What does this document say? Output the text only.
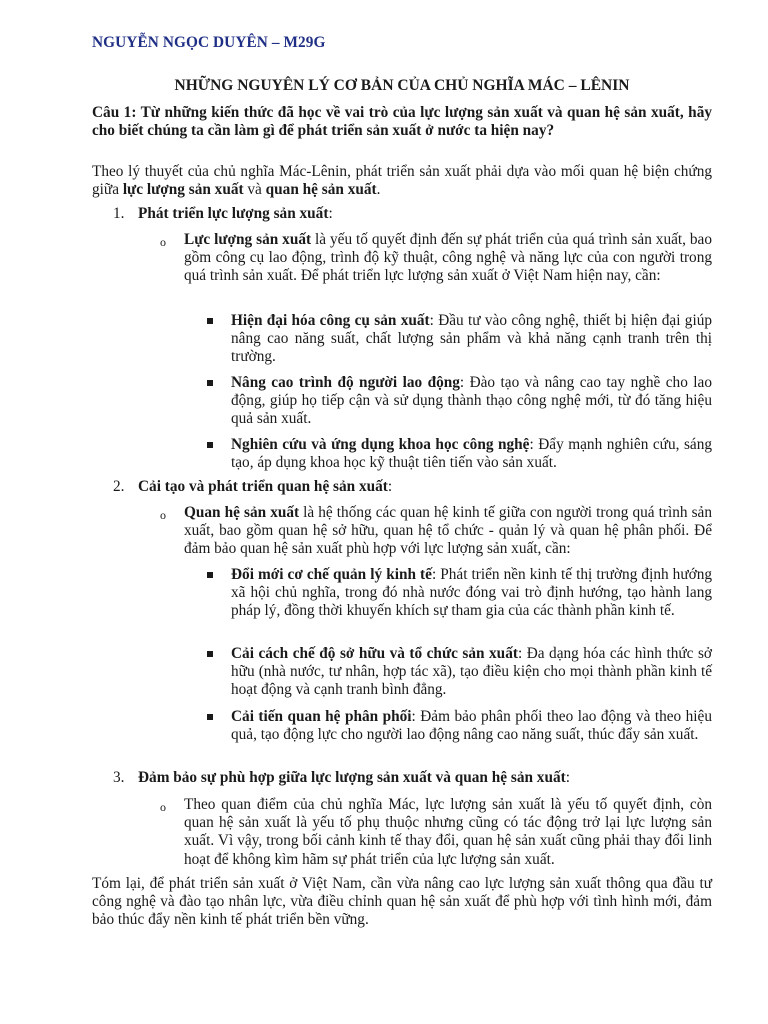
NGUYỄN NGỌC DUYÊN – M29G
NHỮNG NGUYÊN LÝ CƠ BẢN CỦA CHỦ NGHĨA MÁC – LÊNIN
Câu 1: Từ những kiến thức đã học về vai trò của lực lượng sản xuất và quan hệ sản xuất, hãy cho biết chúng ta cần làm gì để phát triển sản xuất ở nước ta hiện nay?
Theo lý thuyết của chủ nghĩa Mác-Lênin, phát triển sản xuất phải dựa vào mối quan hệ biện chứng giữa lực lượng sản xuất và quan hệ sản xuất.
1. Phát triển lực lượng sản xuất:
o Lực lượng sản xuất là yếu tố quyết định đến sự phát triển của quá trình sản xuất, bao gồm công cụ lao động, trình độ kỹ thuật, công nghệ và năng lực của con người trong quá trình sản xuất. Để phát triển lực lượng sản xuất ở Việt Nam hiện nay, cần:
Hiện đại hóa công cụ sản xuất: Đầu tư vào công nghệ, thiết bị hiện đại giúp nâng cao năng suất, chất lượng sản phẩm và khả năng cạnh tranh trên thị trường.
Nâng cao trình độ người lao động: Đào tạo và nâng cao tay nghề cho lao động, giúp họ tiếp cận và sử dụng thành thạo công nghệ mới, từ đó tăng hiệu quả sản xuất.
Nghiên cứu và ứng dụng khoa học công nghệ: Đẩy mạnh nghiên cứu, sáng tạo, áp dụng khoa học kỹ thuật tiên tiến vào sản xuất.
2. Cải tạo và phát triển quan hệ sản xuất:
o Quan hệ sản xuất là hệ thống các quan hệ kinh tế giữa con người trong quá trình sản xuất, bao gồm quan hệ sở hữu, quan hệ tổ chức - quản lý và quan hệ phân phối. Để đảm bảo quan hệ sản xuất phù hợp với lực lượng sản xuất, cần:
Đổi mới cơ chế quản lý kinh tế: Phát triển nền kinh tế thị trường định hướng xã hội chủ nghĩa, trong đó nhà nước đóng vai trò định hướng, tạo hành lang pháp lý, đồng thời khuyến khích sự tham gia của các thành phần kinh tế.
Cải cách chế độ sở hữu và tổ chức sản xuất: Đa dạng hóa các hình thức sở hữu (nhà nước, tư nhân, hợp tác xã), tạo điều kiện cho mọi thành phần kinh tế hoạt động và cạnh tranh bình đẳng.
Cải tiến quan hệ phân phối: Đảm bảo phân phối theo lao động và theo hiệu quả, tạo động lực cho người lao động nâng cao năng suất, thúc đẩy sản xuất.
3. Đảm bảo sự phù hợp giữa lực lượng sản xuất và quan hệ sản xuất:
o Theo quan điểm của chủ nghĩa Mác, lực lượng sản xuất là yếu tố quyết định, còn quan hệ sản xuất là yếu tố phụ thuộc nhưng cũng có tác động trở lại lực lượng sản xuất. Vì vậy, trong bối cảnh kinh tế thay đổi, quan hệ sản xuất cũng phải thay đổi linh hoạt để không kìm hãm sự phát triển của lực lượng sản xuất.
Tóm lại, để phát triển sản xuất ở Việt Nam, cần vừa nâng cao lực lượng sản xuất thông qua đầu tư công nghệ và đào tạo nhân lực, vừa điều chỉnh quan hệ sản xuất để phù hợp với tình hình mới, đảm bảo thúc đẩy nền kinh tế phát triển bền vững.
